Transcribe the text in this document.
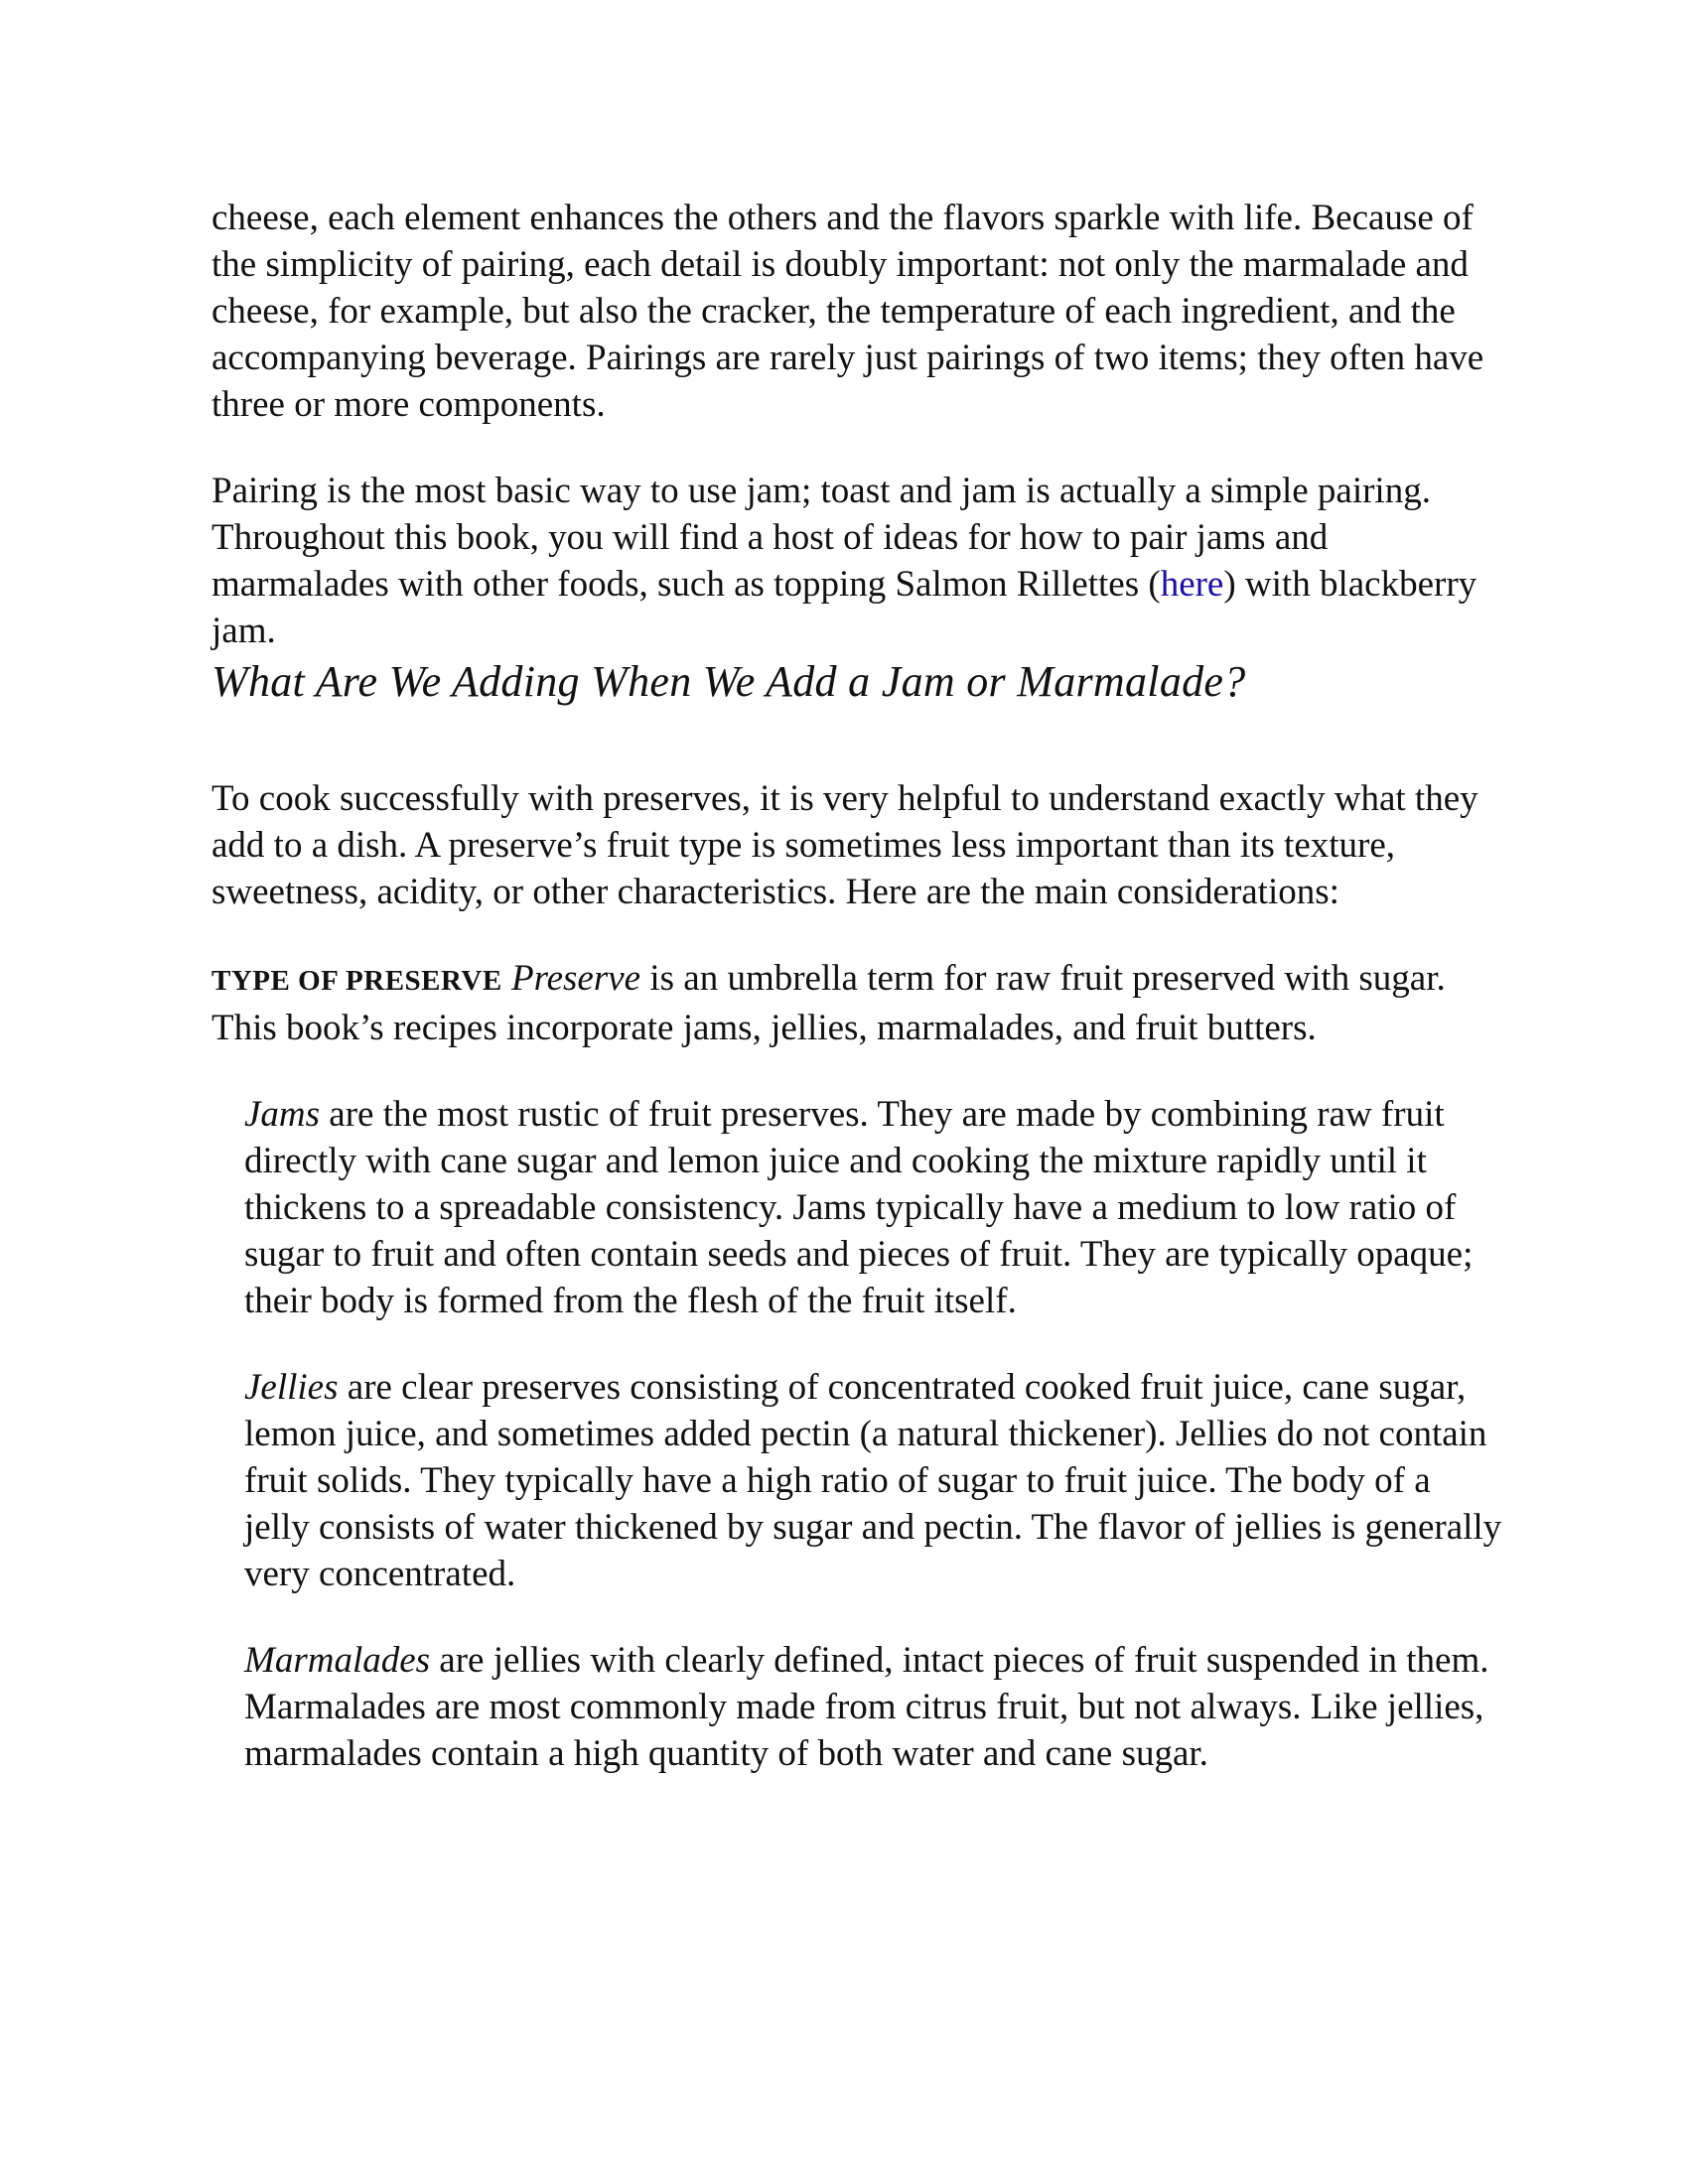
cheese, each element enhances the others and the flavors sparkle with life. Because of the simplicity of pairing, each detail is doubly important: not only the marmalade and cheese, for example, but also the cracker, the temperature of each ingredient, and the accompanying beverage. Pairings are rarely just pairings of two items; they often have three or more components.

Pairing is the most basic way to use jam; toast and jam is actually a simple pairing. Throughout this book, you will find a host of ideas for how to pair jams and marmalades with other foods, such as topping Salmon Rillettes (here) with blackberry jam.

What Are We Adding When We Add a Jam or Marmalade?

To cook successfully with preserves, it is very helpful to understand exactly what they add to a dish. A preserve’s fruit type is sometimes less important than its texture, sweetness, acidity, or other characteristics. Here are the main considerations:

TYPE OF PRESERVE Preserve is an umbrella term for raw fruit preserved with sugar. This book’s recipes incorporate jams, jellies, marmalades, and fruit butters.

Jams are the most rustic of fruit preserves. They are made by combining raw fruit directly with cane sugar and lemon juice and cooking the mixture rapidly until it thickens to a spreadable consistency. Jams typically have a medium to low ratio of sugar to fruit and often contain seeds and pieces of fruit. They are typically opaque; their body is formed from the flesh of the fruit itself.

Jellies are clear preserves consisting of concentrated cooked fruit juice, cane sugar, lemon juice, and sometimes added pectin (a natural thickener). Jellies do not contain fruit solids. They typically have a high ratio of sugar to fruit juice. The body of a jelly consists of water thickened by sugar and pectin. The flavor of jellies is generally very concentrated.

Marmalades are jellies with clearly defined, intact pieces of fruit suspended in them. Marmalades are most commonly made from citrus fruit, but not always. Like jellies, marmalades contain a high quantity of both water and cane sugar.
